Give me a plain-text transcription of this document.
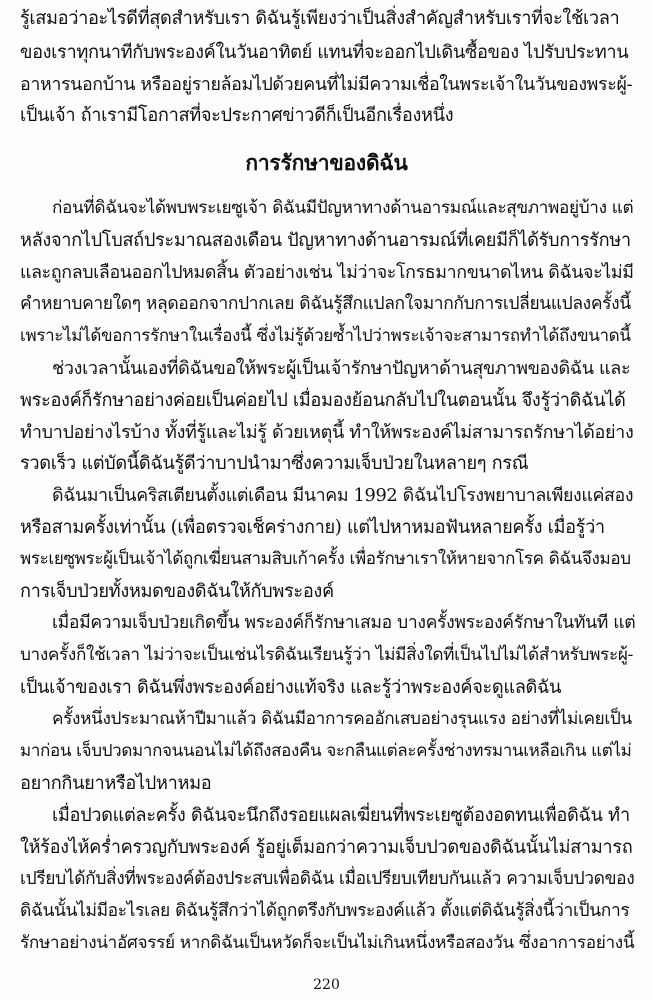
รู้เสมอว่าอะไรดีที่สุดสำหรับเรา ดิฉันรู้เพียงว่าเป็นสิ่งสำคัญสำหรับเราที่จะใช้เวลา
ของเราทุกนาทีกับพระองค์ในวันอาทิตย์ แทนที่จะออกไปเดินซื้อของ ไปรับประทาน
อาหารนอกบ้าน หรืออยู่รายล้อมไปด้วยคนที่ไม่มีความเชื่อในพระเจ้าในวันของพระผู้-
เป็นเจ้า ถ้าเรามีโอกาสที่จะประกาศข่าวดีก็เป็นอีกเรื่องหนึ่ง
การรักษาของดิฉัน
ก่อนที่ดิฉันจะได้พบพระเยซูเจ้า ดิฉันมีปัญหาทางด้านอารมณ์และสุขภาพอยู่บ้าง แต่
หลังจากไปโบสถ์ประมาณสองเดือน ปัญหาทางด้านอารมณ์ที่เคยมีก็ได้รับการรักษา
และถูกลบเลือนออกไปหมดสิ้น ตัวอย่างเช่น ไม่ว่าจะโกรธมากขนาดไหน ดิฉันจะไม่มี
คำหยาบคายใดๆ หลุดออกจากปากเลย ดิฉันรู้สึกแปลกใจมากกับการเปลี่ยนแปลงครั้งนี้
เพราะไม่ได้ขอการรักษาในเรื่องนี้ ซึ่งไม่รู้ด้วยซ้ำไปว่าพระเจ้าจะสามารถทำได้ถึงขนาดนี้
ช่วงเวลานั้นเองที่ดิฉันขอให้พระผู้เป็นเจ้ารักษาปัญหาด้านสุขภาพของดิฉัน และ
พระองค์ก็รักษาอย่างค่อยเป็นค่อยไป เมื่อมองย้อนกลับไปในตอนนั้น จึงรู้ว่าดิฉันได้
ทำบาปอย่างไรบ้าง ทั้งที่รู้และไม่รู้ ด้วยเหตุนี้ ทำให้พระองค์ไม่สามารถรักษาได้อย่าง
รวดเร็ว แต่บัดนี้ดิฉันรู้ดีว่าบาปนำมาซึ่งความเจ็บป่วยในหลายๆ กรณี
ดิฉันมาเป็นคริสเตียนตั้งแต่เดือน มีนาคม 1992 ดิฉันไปโรงพยาบาลเพียงแค่สอง
หรือสามครั้งเท่านั้น (เพื่อตรวจเช็คร่างกาย) แต่ไปหาหมอฟันหลายครั้ง เมื่อรู้ว่า
พระเยซูพระผู้เป็นเจ้าได้ถูกเฆี่ยนสามสิบเก้าครั้ง เพื่อรักษาเราให้หายจากโรค ดิฉันจึงมอบ
การเจ็บป่วยทั้งหมดของดิฉันให้กับพระองค์
เมื่อมีความเจ็บป่วยเกิดขึ้น พระองค์ก็รักษาเสมอ บางครั้งพระองค์รักษาในทันที แต่
บางครั้งก็ใช้เวลา ไม่ว่าจะเป็นเช่นไรดิฉันเรียนรู้ว่า ไม่มีสิ่งใดที่เป็นไปไม่ได้สำหรับพระผู้-
เป็นเจ้าของเรา ดิฉันพึ่งพระองค์อย่างแท้จริง และรู้ว่าพระองค์จะดูแลดิฉัน
ครั้งหนึ่งประมาณห้าปีมาแล้ว ดิฉันมีอาการคออักเสบอย่างรุนแรง อย่างที่ไม่เคยเป็น
มาก่อน เจ็บปวดมากจนนอนไม่ได้ถึงสองคืน จะกลืนแต่ละครั้งช่างทรมานเหลือเกิน แต่ไม่
อยากกินยาหรือไปหาหมอ
เมื่อปวดแต่ละครั้ง ดิฉันจะนึกถึงรอยแผลเฆี่ยนที่พระเยซูต้องอดทนเพื่อดิฉัน ทำ
ให้ร้องไห้คร่ำครวญกับพระองค์ รู้อยู่เต็มอกว่าความเจ็บปวดของดิฉันนั้นไม่สามารถ
เปรียบได้กับสิ่งที่พระองค์ต้องประสบเพื่อดิฉัน เมื่อเปรียบเทียบกันแล้ว ความเจ็บปวดของ
ดิฉันนั้นไม่มีอะไรเลย ดิฉันรู้สึกว่าได้ถูกตรึงกับพระองค์แล้ว ตั้งแต่ดิฉันรู้สิ่งนี้ว่าเป็นการ
รักษาอย่างน่าอัศจรรย์ หากดิฉันเป็นหวัดก็จะเป็นไม่เกินหนึ่งหรือสองวัน ซึ่งอาการอย่างนี้
220
